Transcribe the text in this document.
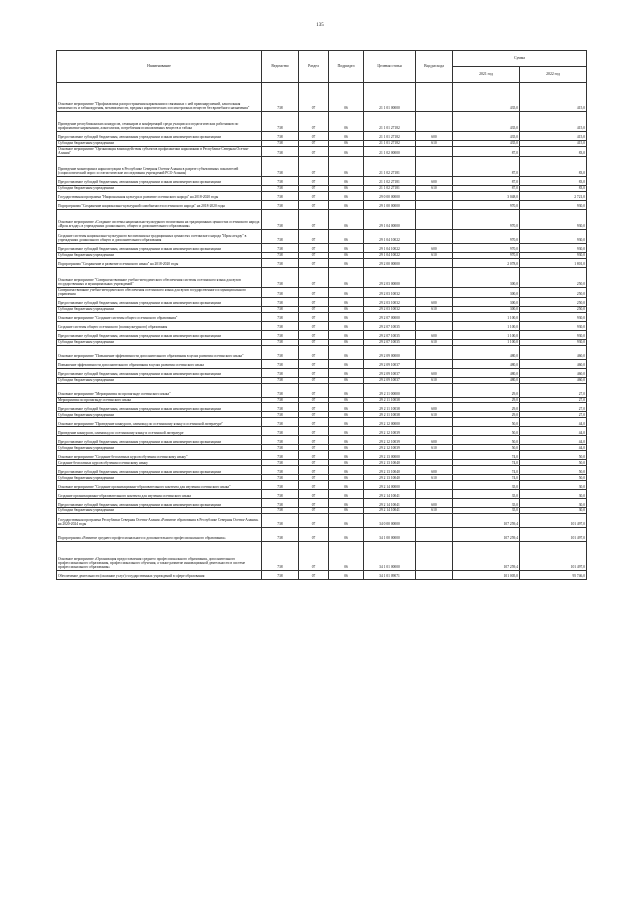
135
Наименование	Ведомство	Раздел	Подраздел	Целевая статья	Вид расхода	Сумма	
						2021 год	2022 год
Основное мероприятие "Профилактика распространения наркомании и связанных с ней правонарушений, алкогольная зависимость и табакокурения, мезависимости, вредных наркотических и психотропных веществ без врачебного назначения"	738	07	06	21 1 01 00000		435,0	415,0
Проведение республиканских конкурсов, семинаров и конференций среди учащихся и педагогических работников по профилактике наркомании, алкоголизма, потребления психоактивных веществ и табака	738	07	06	21 1 01 27182		435,0	415,0
Предоставление субсидий бюджетным, автономным учреждениям и иным некоммерческим организациям	738	07	06	21 1 01 27182	600	435,0	415,0
Субсидии бюджетным учреждениям	738	07	06	21 1 01 27182	610	435,0	415,0
Основное мероприятие "Организация взаимодействия субъектов профилактики наркомании в Республике Северная Осетия-Алания"	738	07	06	21 1 02 00000		87,0	83,0
Проведение мониторинга наркоситуации в Республике Северная Осетия-Алания в разрезе субъективных показателей (социологический опрос и статистические исследования учреждений РСО-Алания)	738	07	06	21 1 02 27181		87,0	83,0
Предоставление субсидий бюджетным, автономным учреждениям и иным некоммерческим организациям	738	07	06	21 1 02 27181	600	87,0	83,0
Субсидии бюджетным учреждениям	738	07	06	21 1 02 27181	610	87,0	83,0
Государственная программа "Национальная культура и развитие осетинского народа" на 2018-2020 годы	738	07	06	29 0 00 00000		3 048,0	2 721,0
Подпрограмма "Сохранение национально-культурной самобытности осетинского народа" на 2018-2020 годы	738	07	06	29 1 00 00000		970,0	930,0
Основное мероприятие «Создание системы национально-культурного воспитания на традиционных ценностях осетинского народа «Ирон агъдау» в учреждениях дошкольного, общего и дополнительного образования»	738	07	06	29 1 04 00000		970,0	930,0
Создание системы национально-культурного воспитания на традиционных ценностях осетинского народа "Ирон агъдау" в учреждениях дошкольного общего и дополнительного образования	738	07	06	29 1 04 10022		970,0	930,0
Предоставление субсидий бюджетным, автономным учреждениям и иным некоммерческим организациям	738	07	06	29 1 04 10022	600	970,0	930,0
Субсидии бюджетным учреждениям	738	07	06	29 1 04 10022	610	970,0	930,0
Подпрограмма "Сохранение и развитие осетинского языка" на 2018-2020 годы	738	07	06	29 2 00 00000		2 078,0	1 801,0
Основное мероприятие "Совершенствование учебно-методического обеспечения системы осетинского языка для вузов государственных и муниципальных учреждений"	738	07	06	29 2 03 00000		300,0	250,0
Совершенствование учебно-методического обеспечения осетинского языка для вузов государственного и муниципального управления	738	07	06	29 2 03 10032		300,0	250,0
Предоставление субсидий бюджетным, автономным учреждениям и иным некоммерческим организациям	738	07	06	29 2 03 10032	600	300,0	250,0
Субсидии бюджетным учреждениям	738	07	06	29 2 03 10032	610	300,0	250,0
Основное мероприятие "Создание системы общего осетинского образования"	738	07	06	29 2 07 00000		1 100,0	930,0
Создание системы общего осетинского (поликультурного) образования	738	07	06	29 2 07 10035		1 100,0	930,0
Предоставление субсидий бюджетным, автономным учреждениям и иным некоммерческим организациям	738	07	06	29 2 07 10035	600	1 100,0	930,0
Субсидии бюджетным учреждениям	738	07	06	29 2 07 10035	610	1 100,0	930,0
Основное мероприятие "Повышение эффективности дополнительного образования в целях развития осетинского языка"	738	07	06	29 2 09 00000		480,0	460,0
Повышение эффективности дополнительного образования в целях развития осетинского языка	738	07	06	29 2 09 10037		480,0	460,0
Предоставление субсидий бюджетным, автономным учреждениям и иным некоммерческим организациям	738	07	06	29 2 09 10037	600	480,0	460,0
Субсидии бюджетным учреждениям	738	07	06	29 2 09 10037	610	480,0	460,0
Основное мероприятие "Мероприятия по пропаганде осетинского языка"	738	07	06	29 2 11 00000		29,0	27,0
Мероприятия по пропаганде осетинского языка	738	07	06	29 2 11 10038		29,0	27,0
Предоставление субсидий бюджетным, автономным учреждениям и иным некоммерческим организациям	738	07	06	29 2 11 10038	600	29,0	27,0
Субсидии бюджетным учреждениям	738	07	06	29 2 11 10038	610	29,0	27,0
Основное мероприятие "Проведение конкурсов, олимпиад по осетинскому языку и осетинской литературе"	738	07	06	29 2 12 00000		50,0	44,0
Проведение конкурсов, олимпиад по осетинскому языку и осетинской литературе	738	07	06	29 2 12 10039		50,0	44,0
Предоставление субсидий бюджетным, автономным учреждениям и иным некоммерческим организациям	738	07	06	29 2 12 10039	600	50,0	44,0
Субсидии бюджетным учреждениям	738	07	06	29 2 12 10039	610	50,0	44,0
Основное мероприятие "Создание бесплатных курсов обучения осетинскому языку"	738	07	06	29 2 13 00000		74,0	50,0
Создание бесплатных курсов обучения осетинскому языку	738	07	06	29 2 13 10040		74,0	50,0
Предоставление субсидий бюджетным, автономным учреждениям и иным некоммерческим организациям	738	07	06	29 2 13 10040	600	74,0	50,0
Субсидии бюджетным учреждениям	738	07	06	29 2 13 10040	610	74,0	50,0
Основное мероприятие "Создание организационно-образовательного контента для изучения осетинского языка"	738	07	06	29 2 14 00000		35,0	30,0
Создание организационно-образовательного контента для изучения осетинского языка	738	07	06	29 2 14 10041		35,0	30,0
Предоставление субсидий бюджетным, автономным учреждениям и иным некоммерческим организациям	738	07	06	29 2 14 10041	600	35,0	30,0
Субсидии бюджетным учреждениям	738	07	06	29 2 14 10041	610	35,0	30,0
Государственная программа Республики Северная Осетия-Алания «Развитие образования в Республике Северная Осетия-Алания» на 2020-2024 годы	738	07	06	34 0 00 00000		107 259,4	101 497,0
Подпрограмма «Развитие среднего профессионального и дополнительного профессионального образования»	738	07	06	34 1 00 00000		107 259,4	101 497,0
Основное мероприятие «Организация предоставления среднего профессионального образования, дополнительного профессионального образования, профессионального обучения, а также развитие инновационной деятельности в системе профессионального образования»	738	07	06	34 1 01 00000		107 259,4	101 497,0
Обеспечение деятельности (оказание услуг) государственных учреждений в сфере образования	738	07	06	34 1 01 09071		101 005,0	95 746,0
